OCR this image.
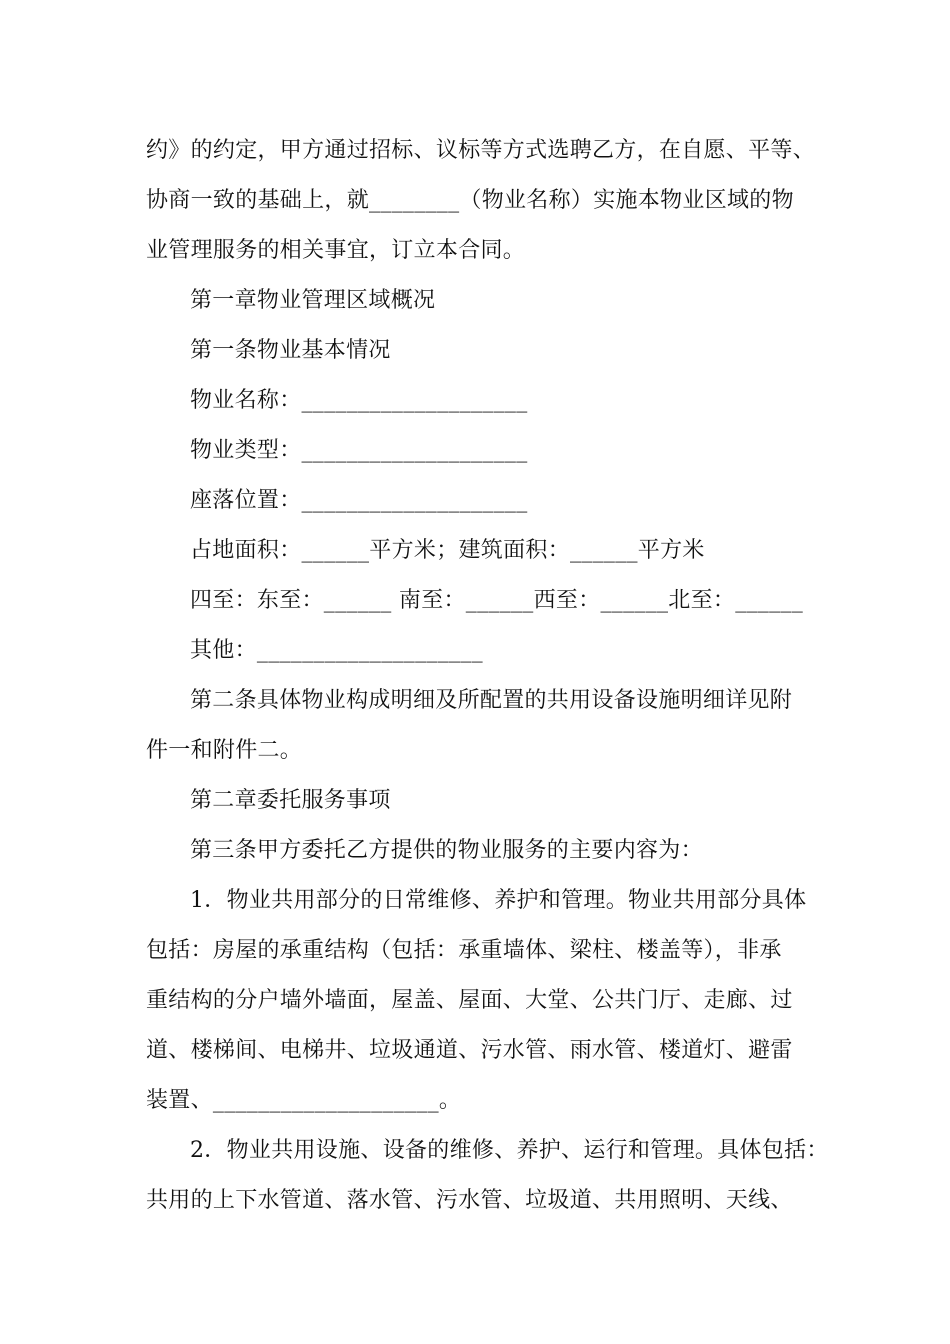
约》的约定，甲方通过招标、议标等方式选聘乙方，在自愿、平等、
协商一致的基础上，就________（物业名称）实施本物业区域的物
业管理服务的相关事宜，订立本合同。
第一章物业管理区域概况
第一条物业基本情况
物业名称：____________________
物业类型：____________________
座落位置：____________________
占地面积：______平方米；建筑面积：______平方米
四至：东至：______ 南至：______西至：______北至：______
其他：____________________
第二条具体物业构成明细及所配置的共用设备设施明细详见附
件一和附件二。
第二章委托服务事项
第三条甲方委托乙方提供的物业服务的主要内容为：
1．物业共用部分的日常维修、养护和管理。物业共用部分具体
包括：房屋的承重结构（包括：承重墙体、梁柱、楼盖等），非承
重结构的分户墙外墙面，屋盖、屋面、大堂、公共门厅、走廊、过
道、楼梯间、电梯井、垃圾通道、污水管、雨水管、楼道灯、避雷
装置、____________________。
2．物业共用设施、设备的维修、养护、运行和管理。具体包括：
共用的上下水管道、落水管、污水管、垃圾道、共用照明、天线、
